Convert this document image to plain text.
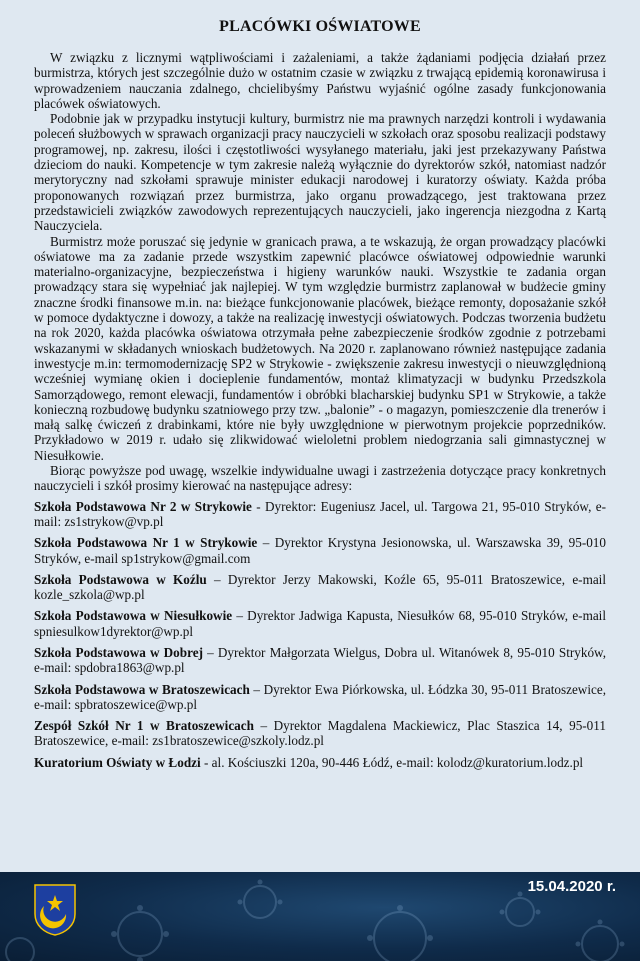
PLACÓWKI OŚWIATOWE

W związku z licznymi wątpliwościami i zażaleniami, a także żądaniami podjęcia działań przez burmistrza, których jest szczególnie dużo w ostatnim czasie w związku z trwającą epidemią koronawirusa i wprowadzeniem nauczania zdalnego, chcielibyśmy Państwu wyjaśnić ogólne zasady funkcjonowania placówek oświatowych.

Podobnie jak w przypadku instytucji kultury, burmistrz nie ma prawnych narzędzi kontroli i wydawania poleceń służbowych w sprawach organizacji pracy nauczycieli w szkołach oraz sposobu realizacji podstawy programowej, np. zakresu, ilości i częstotliwości wysyłanego materiału, jaki jest przekazywany Państwa dzieciom do nauki. Kompetencje w tym zakresie należą wyłącznie do dyrektorów szkół, natomiast nadzór merytoryczny nad szkołami sprawuje minister edukacji narodowej i kuratorzy oświaty. Każda próba proponowanych rozwiązań przez burmistrza, jako organu prowadzącego, jest traktowana przez przedstawicieli związków zawodowych reprezentujących nauczycieli, jako ingerencja niezgodna z Kartą Nauczyciela.

Burmistrz może poruszać się jedynie w granicach prawa, a te wskazują, że organ prowadzący placówki oświatowe ma za zadanie przede wszystkim zapewnić placówce oświatowej odpowiednie warunki materialno-organizacyjne, bezpieczeństwa i higieny warunków nauki. Wszystkie te zadania organ prowadzący stara się wypełniać jak najlepiej. W tym względzie burmistrz zaplanował w budżecie gminy znaczne środki finansowe m.in. na: bieżące funkcjonowanie placówek, bieżące remonty, doposażanie szkół w pomoce dydaktyczne i dowozy, a także na realizację inwestycji oświatowych. Podczas tworzenia budżetu na rok 2020, każda placówka oświatowa otrzymała pełne zabezpieczenie środków zgodnie z potrzebami wskazanymi w składanych wnioskach budżetowych. Na 2020 r. zaplanowano również następujące zadania inwestycje m.in: termomodernizację SP2 w Strykowie - zwiększenie zakresu inwestycji o nieuwzględnioną wcześniej wymianę okien i docieplenie fundamentów, montaż klimatyzacji w budynku Przedszkola Samorządowego, remont elewacji, fundamentów i obróbki blacharskiej budynku SP1 w Strykowie, a także konieczną rozbudowę budynku szatniowego przy tzw. „balonie” - o magazyn, pomieszczenie dla trenerów i małą salkę ćwiczeń z drabinkami, które nie były uwzględnione w pierwotnym projekcie poprzedników. Przykładowo w 2019 r. udało się zlikwidować wieloletni problem niedogrzania sali gimnastycznej w Niesułkowie.

Biorąc powyższe pod uwagę, wszelkie indywidualne uwagi i zastrzeżenia dotyczące pracy konkretnych nauczycieli i szkół prosimy kierować na następujące adresy:

Szkoła Podstawowa Nr 2 w Strykowie - Dyrektor: Eugeniusz Jacel, ul. Targowa 21, 95-010 Stryków, e-mail: zs1strykow@vp.pl

Szkoła Podstawowa Nr 1 w Strykowie – Dyrektor Krystyna Jesionowska, ul. Warszawska 39, 95-010 Stryków, e-mail sp1strykow@gmail.com

Szkoła Podstawowa w Koźlu – Dyrektor Jerzy Makowski, Koźle 65, 95-011 Bratoszewice, e-mail kozle_szkola@wp.pl

Szkoła Podstawowa w Niesułkowie – Dyrektor Jadwiga Kapusta, Niesułków 68, 95-010 Stryków, e-mail spniesulkow1dyrektor@wp.pl

Szkoła Podstawowa w Dobrej – Dyrektor Małgorzata Wielgus, Dobra ul. Witanówek 8, 95-010 Stryków, e-mail: spdobra1863@wp.pl

Szkoła Podstawowa w Bratoszewicach – Dyrektor Ewa Piórkowska, ul. Łódzka 30, 95-011 Bratoszewice, e-mail: spbratoszewice@wp.pl

Zespół Szkół Nr 1 w Bratoszewicach – Dyrektor Magdalena Mackiewicz, Plac Staszica 14, 95-011 Bratoszewice, e-mail: zs1bratoszewice@szkoly.lodz.pl

Kuratorium Oświaty w Łodzi - al. Kościuszki 120a, 90-446 Łódź, e-mail: kolodz@kuratorium.lodz.pl

15.04.2020 r.
